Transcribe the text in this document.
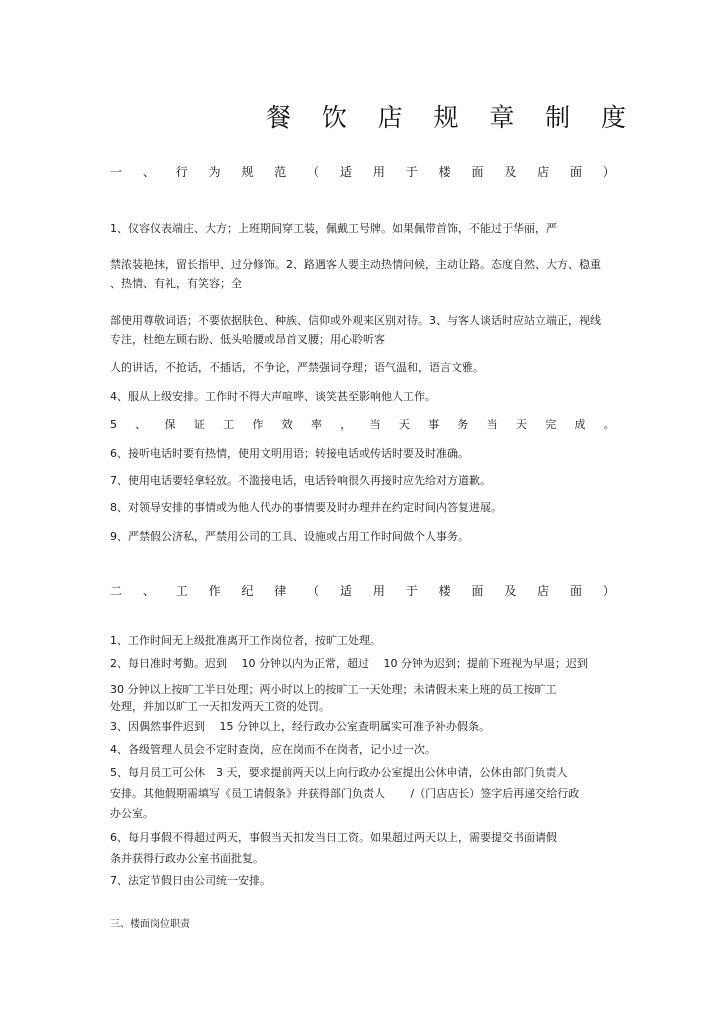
餐 饮 店 规 章 制 度
一 、 行 为 规 范 （ 适 用 于 楼 面 及 店 面 ）
1、仪容仪表端庄、大方；上班期间穿工装，佩戴工号牌。如果佩带首饰，不能过于华丽，严
禁浓装艳抹，留长指甲、过分修饰。2、路遇客人要主动热情问候，主动让路。态度自然、大方、稳重
、热情、有礼，有笑容；全
部使用尊敬词语；不要依据肤色、种族、信仰或外观来区别对待。3、与客人谈话时应站立端正，视线
专注，杜绝左顾右盼、低头哈腰或昂首叉腰；用心聆听客
人的讲话，不抢话，不插话，不争论，严禁强词夺理；语气温和，语言文雅。
4、服从上级安排。工作时不得大声喧哗、谈笑甚至影响他人工作。
5 、 保 证 工 作 效 率 ， 当 天 事 务 当 天 完 成 。
6、接听电话时要有热情，使用文明用语；转接电话或传话时要及时准确。
7、使用电话要轻拿轻放。不滥接电话，电话铃响很久再接时应先给对方道歉。
8、对领导安排的事情或为他人代办的事情要及时办理并在约定时间内答复进展。
9、严禁假公济私，严禁用公司的工具、设施或占用工作时间做个人事务。
二 、 工 作 纪 律 （ 适 用 于 楼 面 及 店 面 ）
1、工作时间无上级批准离开工作岗位者，按旷工处理。
2、每日准时考勤。迟到　 10 分钟以内为正常，超过　 10 分钟为迟到；提前下班视为早退；迟到
30 分钟以上按旷工半日处理；两小时以上的按旷工一天处理；未请假未来上班的员工按旷工
处理，并加以旷工一天扣发两天工资的处罚。
3、因偶然事件迟到　 15 分钟以上，经行政办公室查明属实可准予补办假条。
4、各级管理人员会不定时查岗，应在岗而不在岗者，记小过一次。
5、每月员工可公休　3 天，要求提前两天以上向行政办公室提出公休申请，公休由部门负责人
安排。其他假期需填写《员工请假条》并获得部门负责人　　 /（门店店长）签字后再递交给行政
办公室。
6、每月事假不得超过两天，事假当天扣发当日工资。如果超过两天以上，需要提交书面请假
条并获得行政办公室书面批复。
7、法定节假日由公司统一安排。
三、楼面岗位职责
